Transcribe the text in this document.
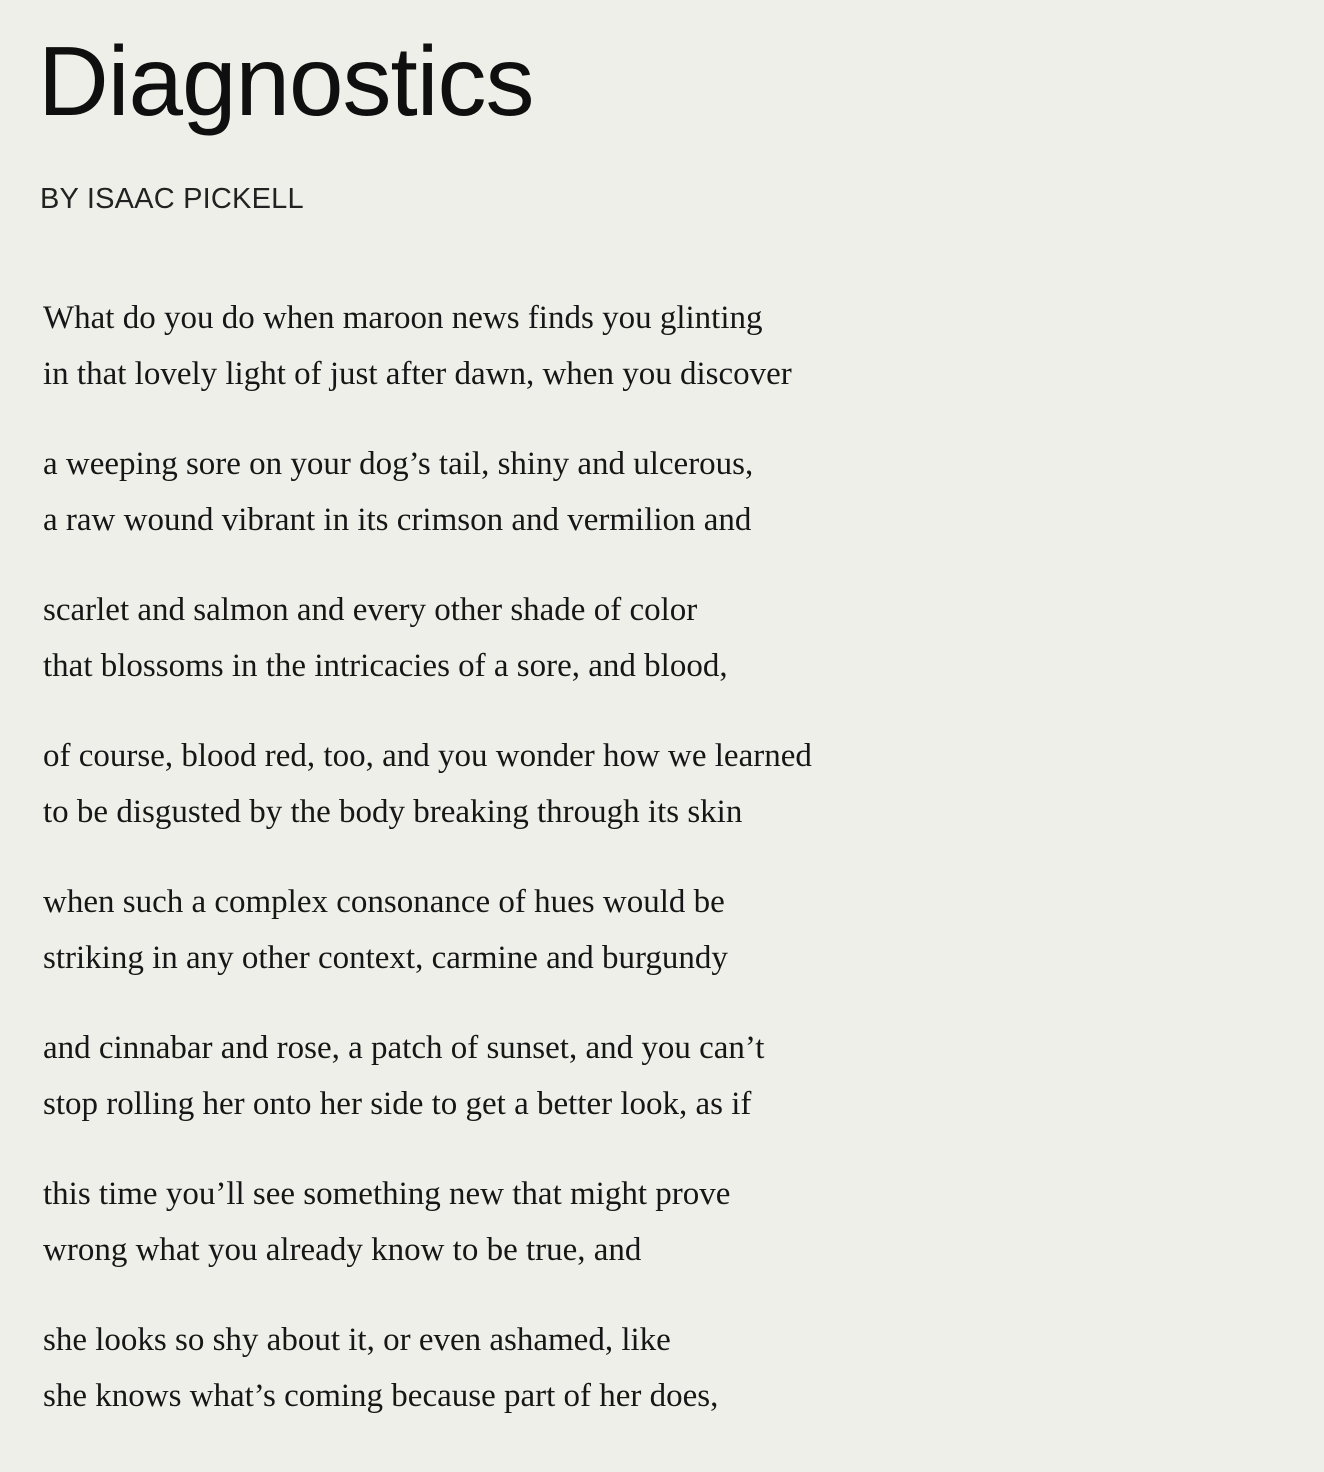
Diagnostics
BY ISAAC PICKELL
What do you do when maroon news finds you glinting
in that lovely light of just after dawn, when you discover
a weeping sore on your dog’s tail, shiny and ulcerous,
a raw wound vibrant in its crimson and vermilion and
scarlet and salmon and every other shade of color
that blossoms in the intricacies of a sore, and blood,
of course, blood red, too, and you wonder how we learned
to be disgusted by the body breaking through its skin
when such a complex consonance of hues would be
striking in any other context, carmine and burgundy
and cinnabar and rose, a patch of sunset, and you can’t
stop rolling her onto her side to get a better look, as if
this time you’ll see something new that might prove
wrong what you already know to be true, and
she looks so shy about it, or even ashamed, like
she knows what’s coming because part of her does,
